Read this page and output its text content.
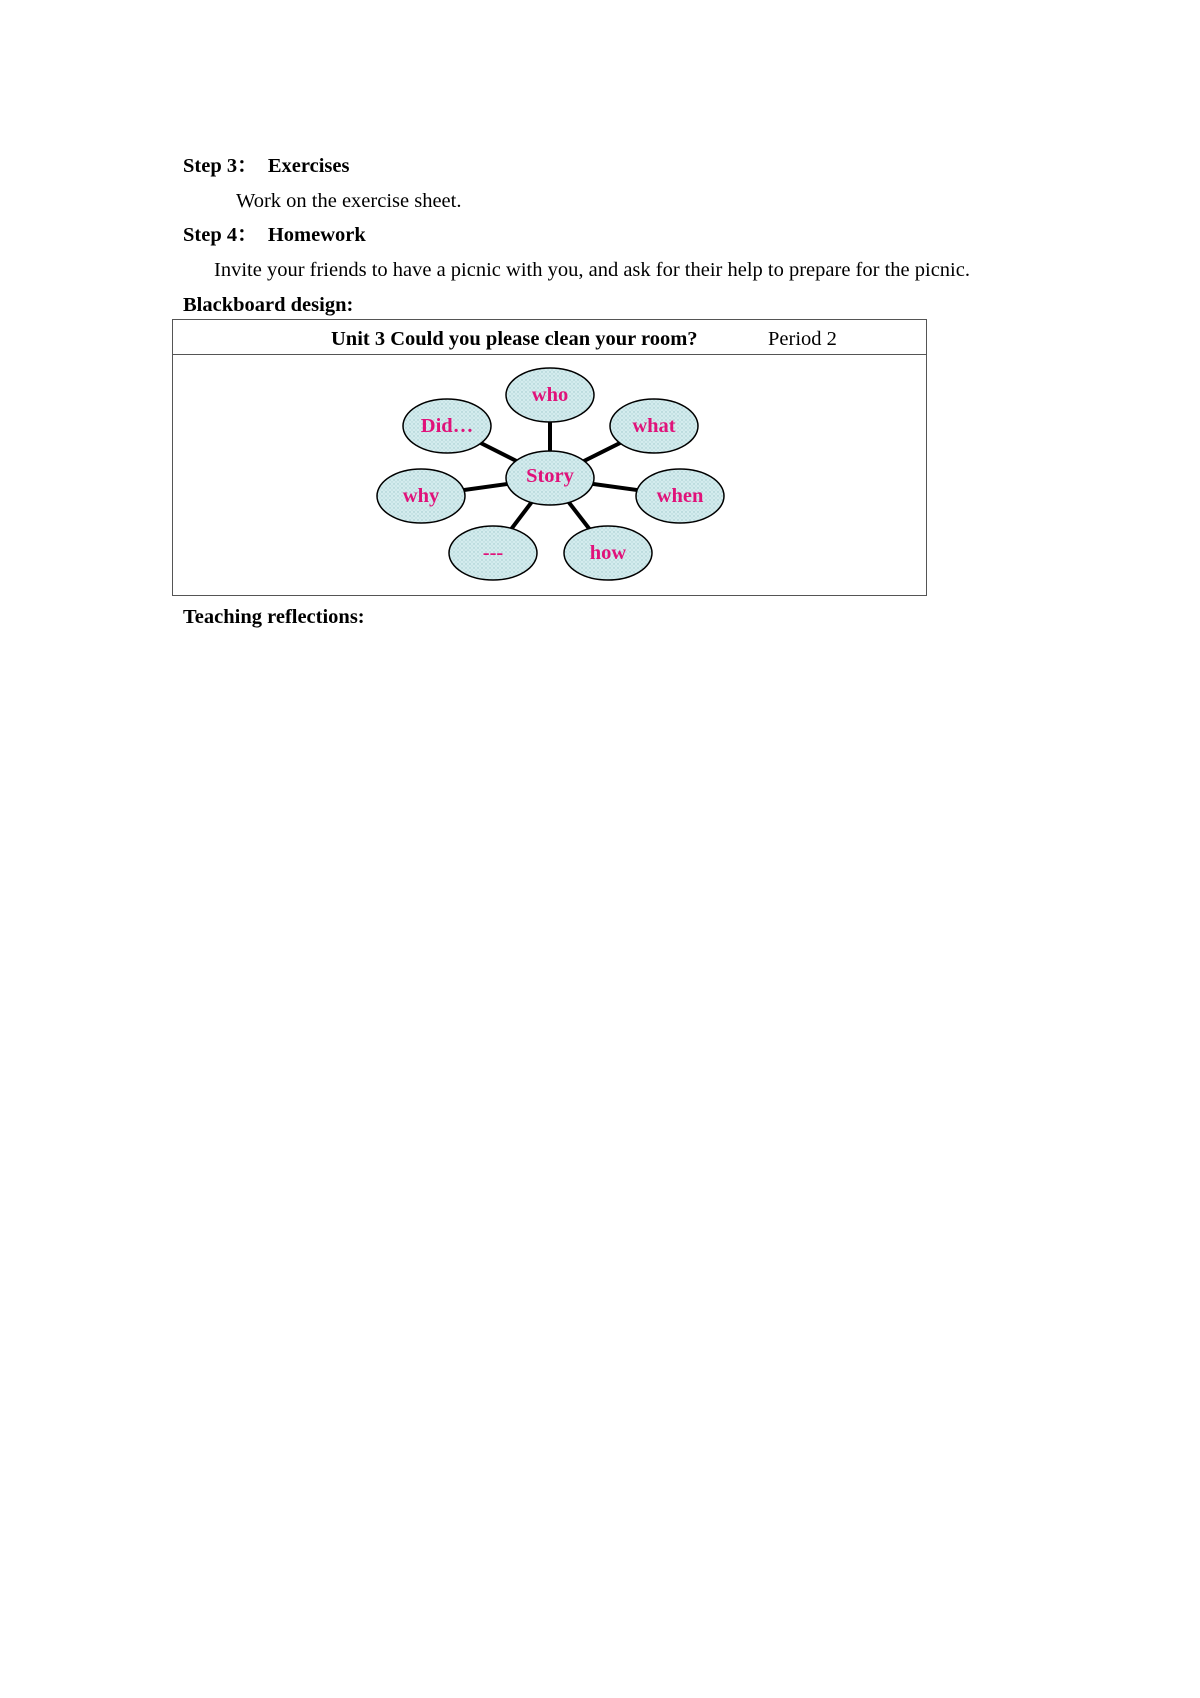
Step 3：  Exercises
Work on the exercise sheet.
Step 4：  Homework
Invite your friends to have a picnic with you, and ask for their help to prepare for the picnic.
Blackboard design:
Unit 3 Could you please clean your room?	Period 2
who
what
when
how
---
why
Did…
Story
Teaching reflections:
